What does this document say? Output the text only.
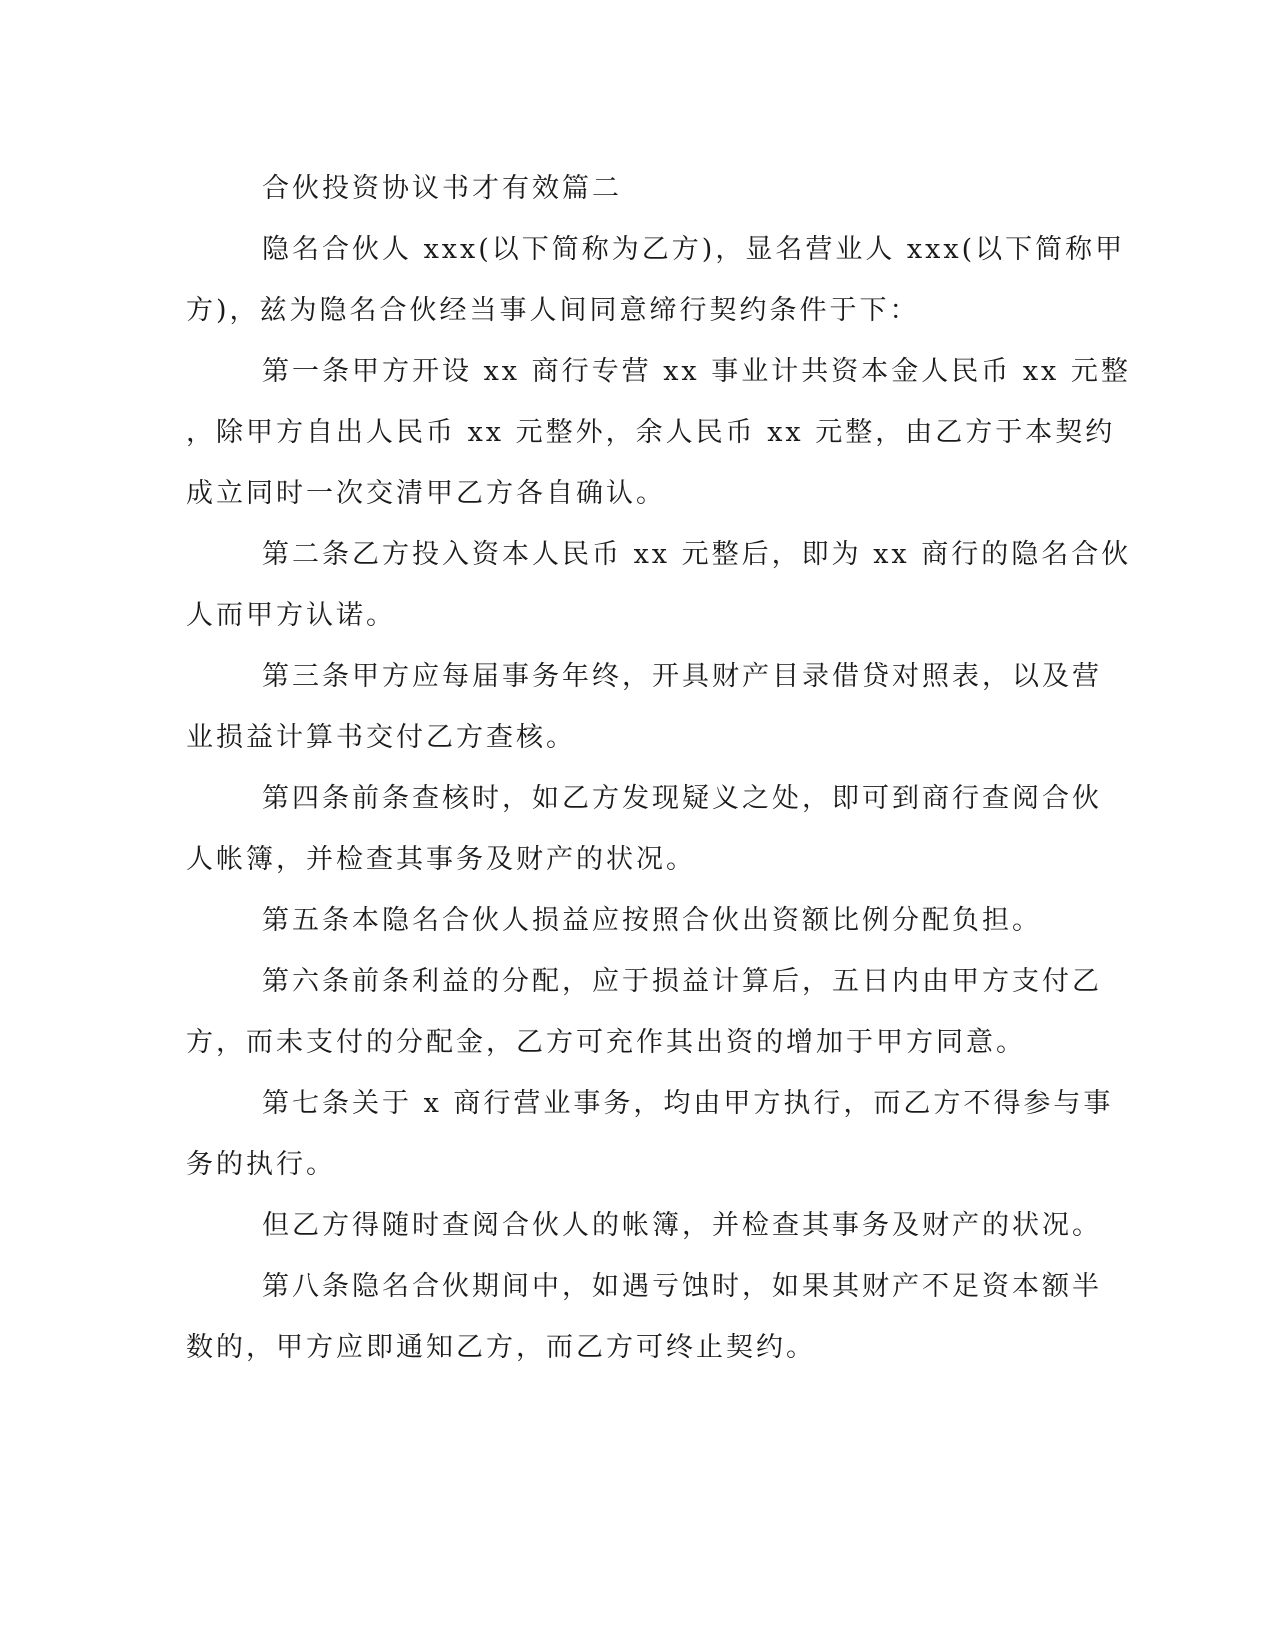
合伙投资协议书才有效篇二
隐名合伙人 xxx(以下简称为乙方)，显名营业人 xxx(以下简称甲
方)，兹为隐名合伙经当事人间同意缔行契约条件于下：
第一条甲方开设 xx 商行专营 xx 事业计共资本金人民币 xx 元整
，除甲方自出人民币 xx 元整外，余人民币 xx 元整，由乙方于本契约
成立同时一次交清甲乙方各自确认。
第二条乙方投入资本人民币 xx 元整后，即为 xx 商行的隐名合伙
人而甲方认诺。
第三条甲方应每届事务年终，开具财产目录借贷对照表，以及营
业损益计算书交付乙方查核。
第四条前条查核时，如乙方发现疑义之处，即可到商行查阅合伙
人帐簿，并检查其事务及财产的状况。
第五条本隐名合伙人损益应按照合伙出资额比例分配负担。
第六条前条利益的分配，应于损益计算后，五日内由甲方支付乙
方，而未支付的分配金，乙方可充作其出资的增加于甲方同意。
第七条关于 x 商行营业事务，均由甲方执行，而乙方不得参与事
务的执行。
但乙方得随时查阅合伙人的帐簿，并检查其事务及财产的状况。
第八条隐名合伙期间中，如遇亏蚀时，如果其财产不足资本额半
数的，甲方应即通知乙方，而乙方可终止契约。
